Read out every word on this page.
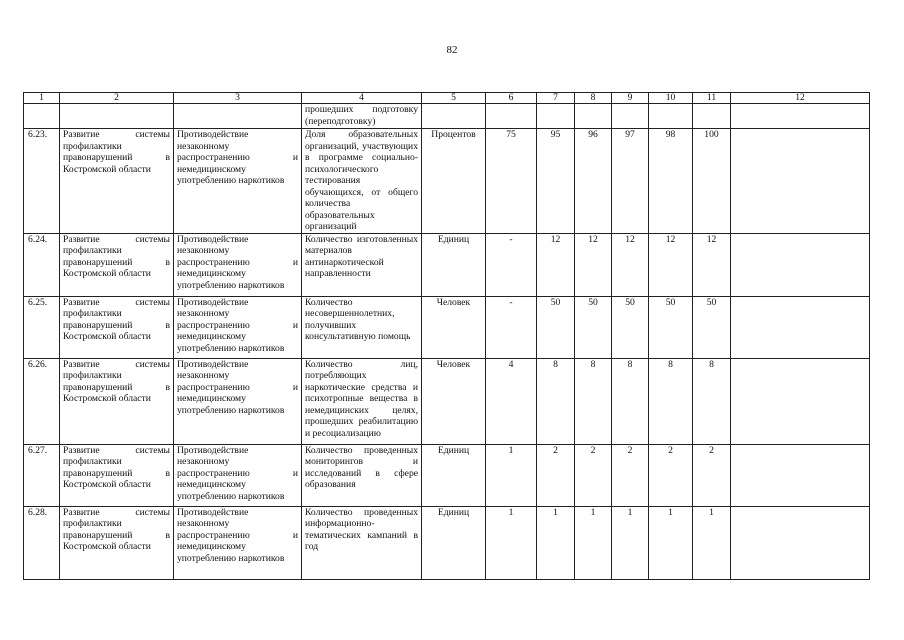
82
1	2	3	4	5	6	7	8	9	10	11	12
			прошедших подготовку (переподготовку)								
6.23.	Развитие системы профилактики правонарушений в Костромской области	Противодействие незаконному распространению и немедицинскому употреблению наркотиков	Доля образовательных организаций, участвующих в программе социально-психологического тестирования обучающихся, от общего количества образовательных организаций	Процентов	75	95	96	97	98	100	
6.24.	Развитие системы профилактики правонарушений в Костромской области	Противодействие незаконному распространению и немедицинскому употреблению наркотиков	Количество изготовленных материалов антинаркотической направленности	Единиц	-	12	12	12	12	12	
6.25.	Развитие системы профилактики правонарушений в Костромской области	Противодействие незаконному распространению и немедицинскому употреблению наркотиков	Количество несовершеннолетних, получивших консультативную помощь	Человек	-	50	50	50	50	50	
6.26.	Развитие системы профилактики правонарушений в Костромской области	Противодействие незаконному распространению и немедицинскому употреблению наркотиков	Количество лиц, потребляющих наркотические средства и психотропные вещества в немедицинских целях, прошедших реабилитацию и ресоциализацию	Человек	4	8	8	8	8	8	
6.27.	Развитие системы профилактики правонарушений в Костромской области	Противодействие незаконному распространению и немедицинскому употреблению наркотиков	Количество проведенных мониторингов и исследований в сфере образования	Единиц	1	2	2	2	2	2	
6.28.	Развитие системы профилактики правонарушений в Костромской области	Противодействие незаконному распространению и немедицинскому употреблению наркотиков	Количество проведенных информационно-тематических кампаний в год	Единиц	1	1	1	1	1	1	
